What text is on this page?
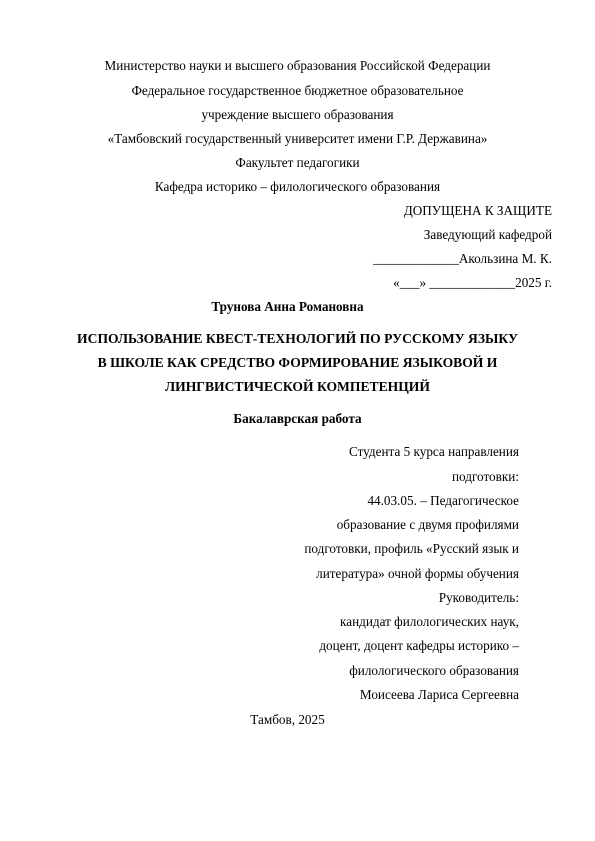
Министерство науки и высшего образования Российской Федерации
Федеральное государственное бюджетное образовательное
учреждение высшего образования
«Тамбовский государственный университет имени Г.Р. Державина»
Факультет педагогики
Кафедра историко – филологического образования
ДОПУЩЕНА К ЗАЩИТЕ
Заведующий кафедрой
_____________Акользина М. К.
«___» _____________2025 г.
Трунова Анна Романовна
ИСПОЛЬЗОВАНИЕ КВЕСТ-ТЕХНОЛОГИЙ ПО РУССКОМУ ЯЗЫКУ
В ШКОЛЕ КАК СРЕДСТВО ФОРМИРОВАНИЕ ЯЗЫКОВОЙ И
ЛИНГВИСТИЧЕСКОЙ КОМПЕТЕНЦИЙ
Бакалаврская работа
Студента 5 курса направления
подготовки:
44.03.05. – Педагогическое
образование с двумя профилями
подготовки, профиль «Русский язык и
литература» очной формы обучения
Руководитель:
кандидат филологических наук,
доцент, доцент кафедры историко –
филологического образования
Моисеева Лариса Сергеевна
Тамбов, 2025
